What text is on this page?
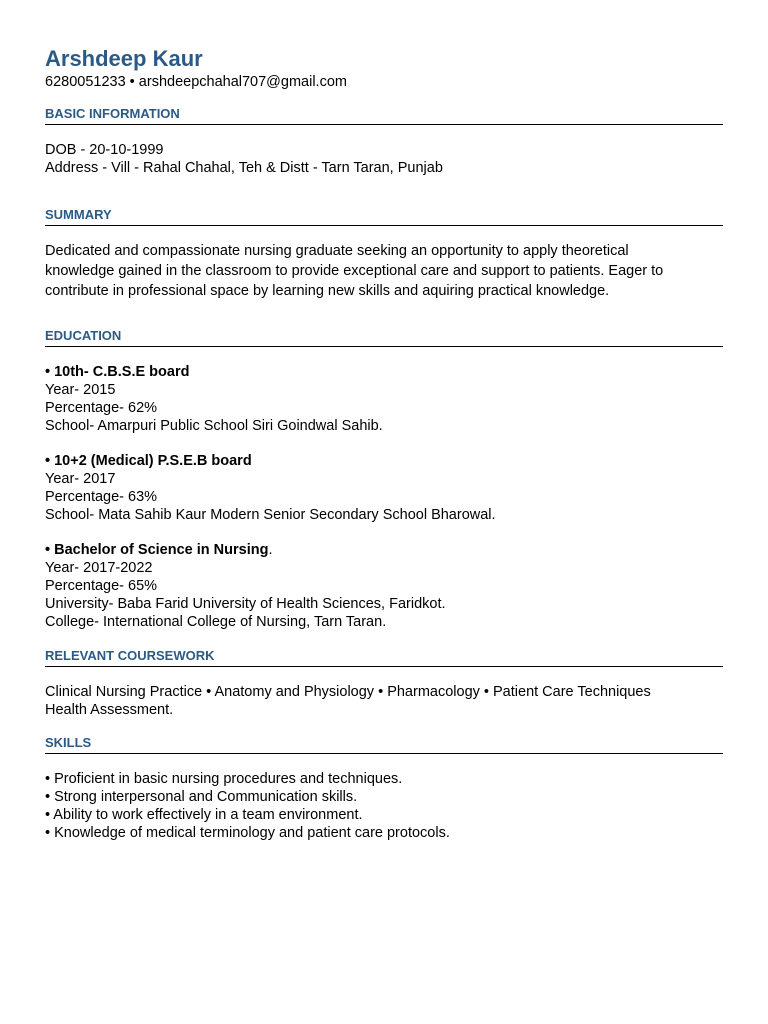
Arshdeep Kaur

6280051233 • arshdeepchahal707@gmail.com

BASIC INFORMATION

DOB - 20-10-1999

Address - Vill - Rahal Chahal, Teh & Distt - Tarn Taran, Punjab

SUMMARY

Dedicated and compassionate nursing graduate seeking an opportunity to apply theoretical

knowledge gained in the classroom to provide exceptional care and support to patients. Eager to

contribute in professional space by learning new skills and aquiring practical knowledge.

EDUCATION

• 10th- C.B.S.E board

Year- 2015

Percentage- 62%

School- Amarpuri Public School Siri Goindwal Sahib.

• 10+2 (Medical) P.S.E.B board

Year- 2017

Percentage- 63%

School- Mata Sahib Kaur Modern Senior Secondary School Bharowal.

• Bachelor of Science in Nursing.

Year- 2017-2022

Percentage- 65%

University- Baba Farid University of Health Sciences, Faridkot.

College- International College of Nursing, Tarn Taran.

RELEVANT COURSEWORK

Clinical Nursing Practice • Anatomy and Physiology • Pharmacology • Patient Care Techniques

Health Assessment.

SKILLS

• Proficient in basic nursing procedures and techniques.

• Strong interpersonal and Communication skills.

• Ability to work effectively in a team environment.

• Knowledge of medical terminology and patient care protocols.
